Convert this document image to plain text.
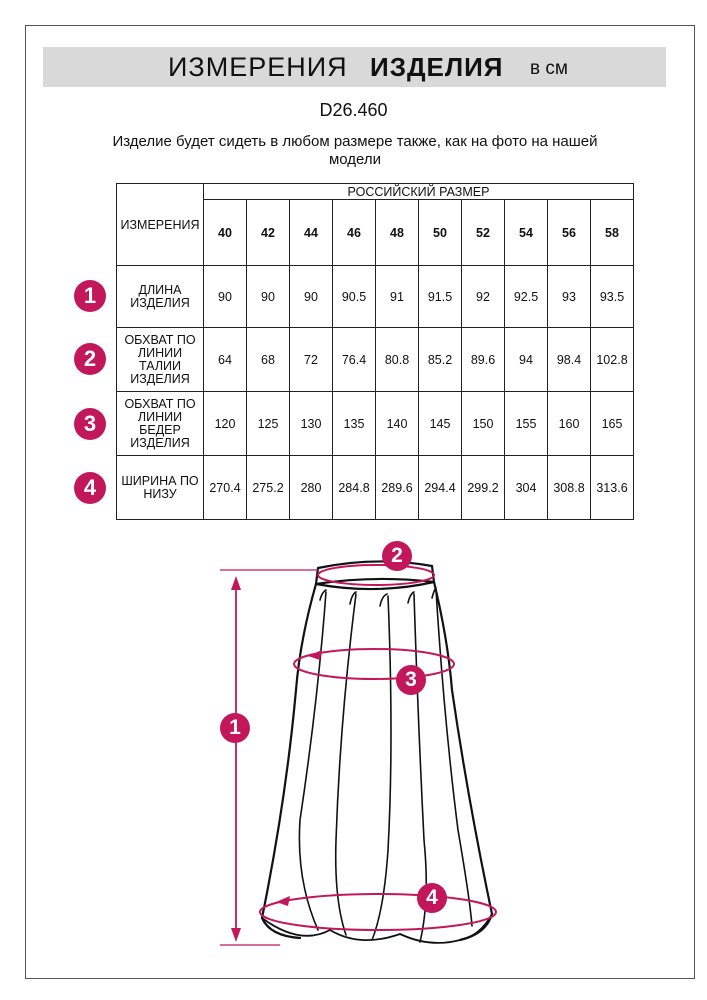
ИЗМЕРЕНИЯ ИЗДЕЛИЯ в см
D26.460
Изделие будет сидеть в любом размере также, как на фото на нашей модели
ИЗМЕРЕНИЯ	РОССИЙСКИЙ РАЗМЕР									
	40	42	44	46	48	50	52	54	56	58
ДЛИНА ИЗДЕЛИЯ	90	90	90	90.5	91	91.5	92	92.5	93	93.5
ОБХВАТ ПО ЛИНИИ ТАЛИИ ИЗДЕЛИЯ	64	68	72	76.4	80.8	85.2	89.6	94	98.4	102.8
ОБХВАТ ПО ЛИНИИ БЕДЕР ИЗДЕЛИЯ	120	125	130	135	140	145	150	155	160	165
ШИРИНА ПО НИЗУ	270.4	275.2	280	284.8	289.6	294.4	299.2	304	308.8	313.6
1
2
3
4
1
2
3
4
